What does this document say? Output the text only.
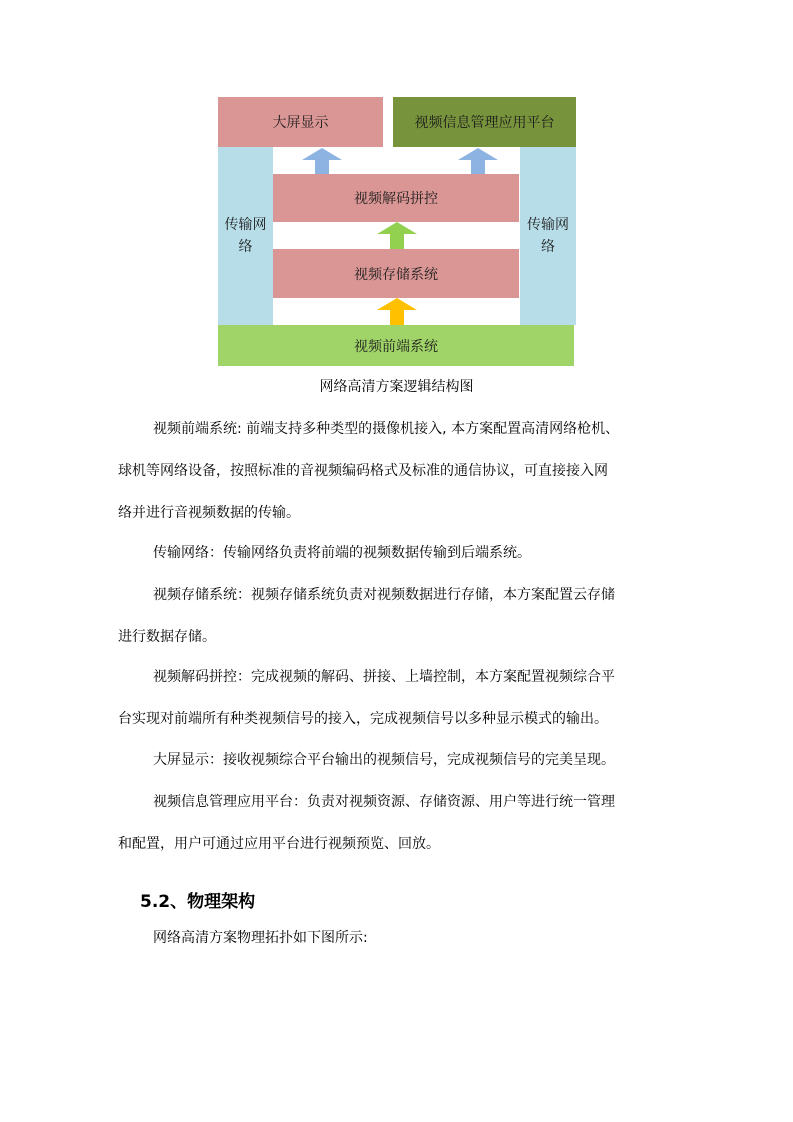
传输网
络
传输网
络
大屏显示	视频信息管理应用平台
视频解码拼控
视频存储系统
视频前端系统
网络高清方案逻辑结构图
视频前端系统: 前端支持多种类型的摄像机接入, 本方案配置高清网络枪机、
球机等网络设备，按照标准的音视频编码格式及标准的通信协议，可直接接入网
络并进行音视频数据的传输。
传输网络：传输网络负责将前端的视频数据传输到后端系统。
视频存储系统：视频存储系统负责对视频数据进行存储，本方案配置云存储
进行数据存储。
视频解码拼控：完成视频的解码、拼接、上墙控制，本方案配置视频综合平
台实现对前端所有种类视频信号的接入，完成视频信号以多种显示模式的输出。
大屏显示：接收视频综合平台输出的视频信号，完成视频信号的完美呈现。
视频信息管理应用平台：负责对视频资源、存储资源、用户等进行统一管理
和配置，用户可通过应用平台进行视频预览、回放。
5.2、物理架构
网络高清方案物理拓扑如下图所示:
